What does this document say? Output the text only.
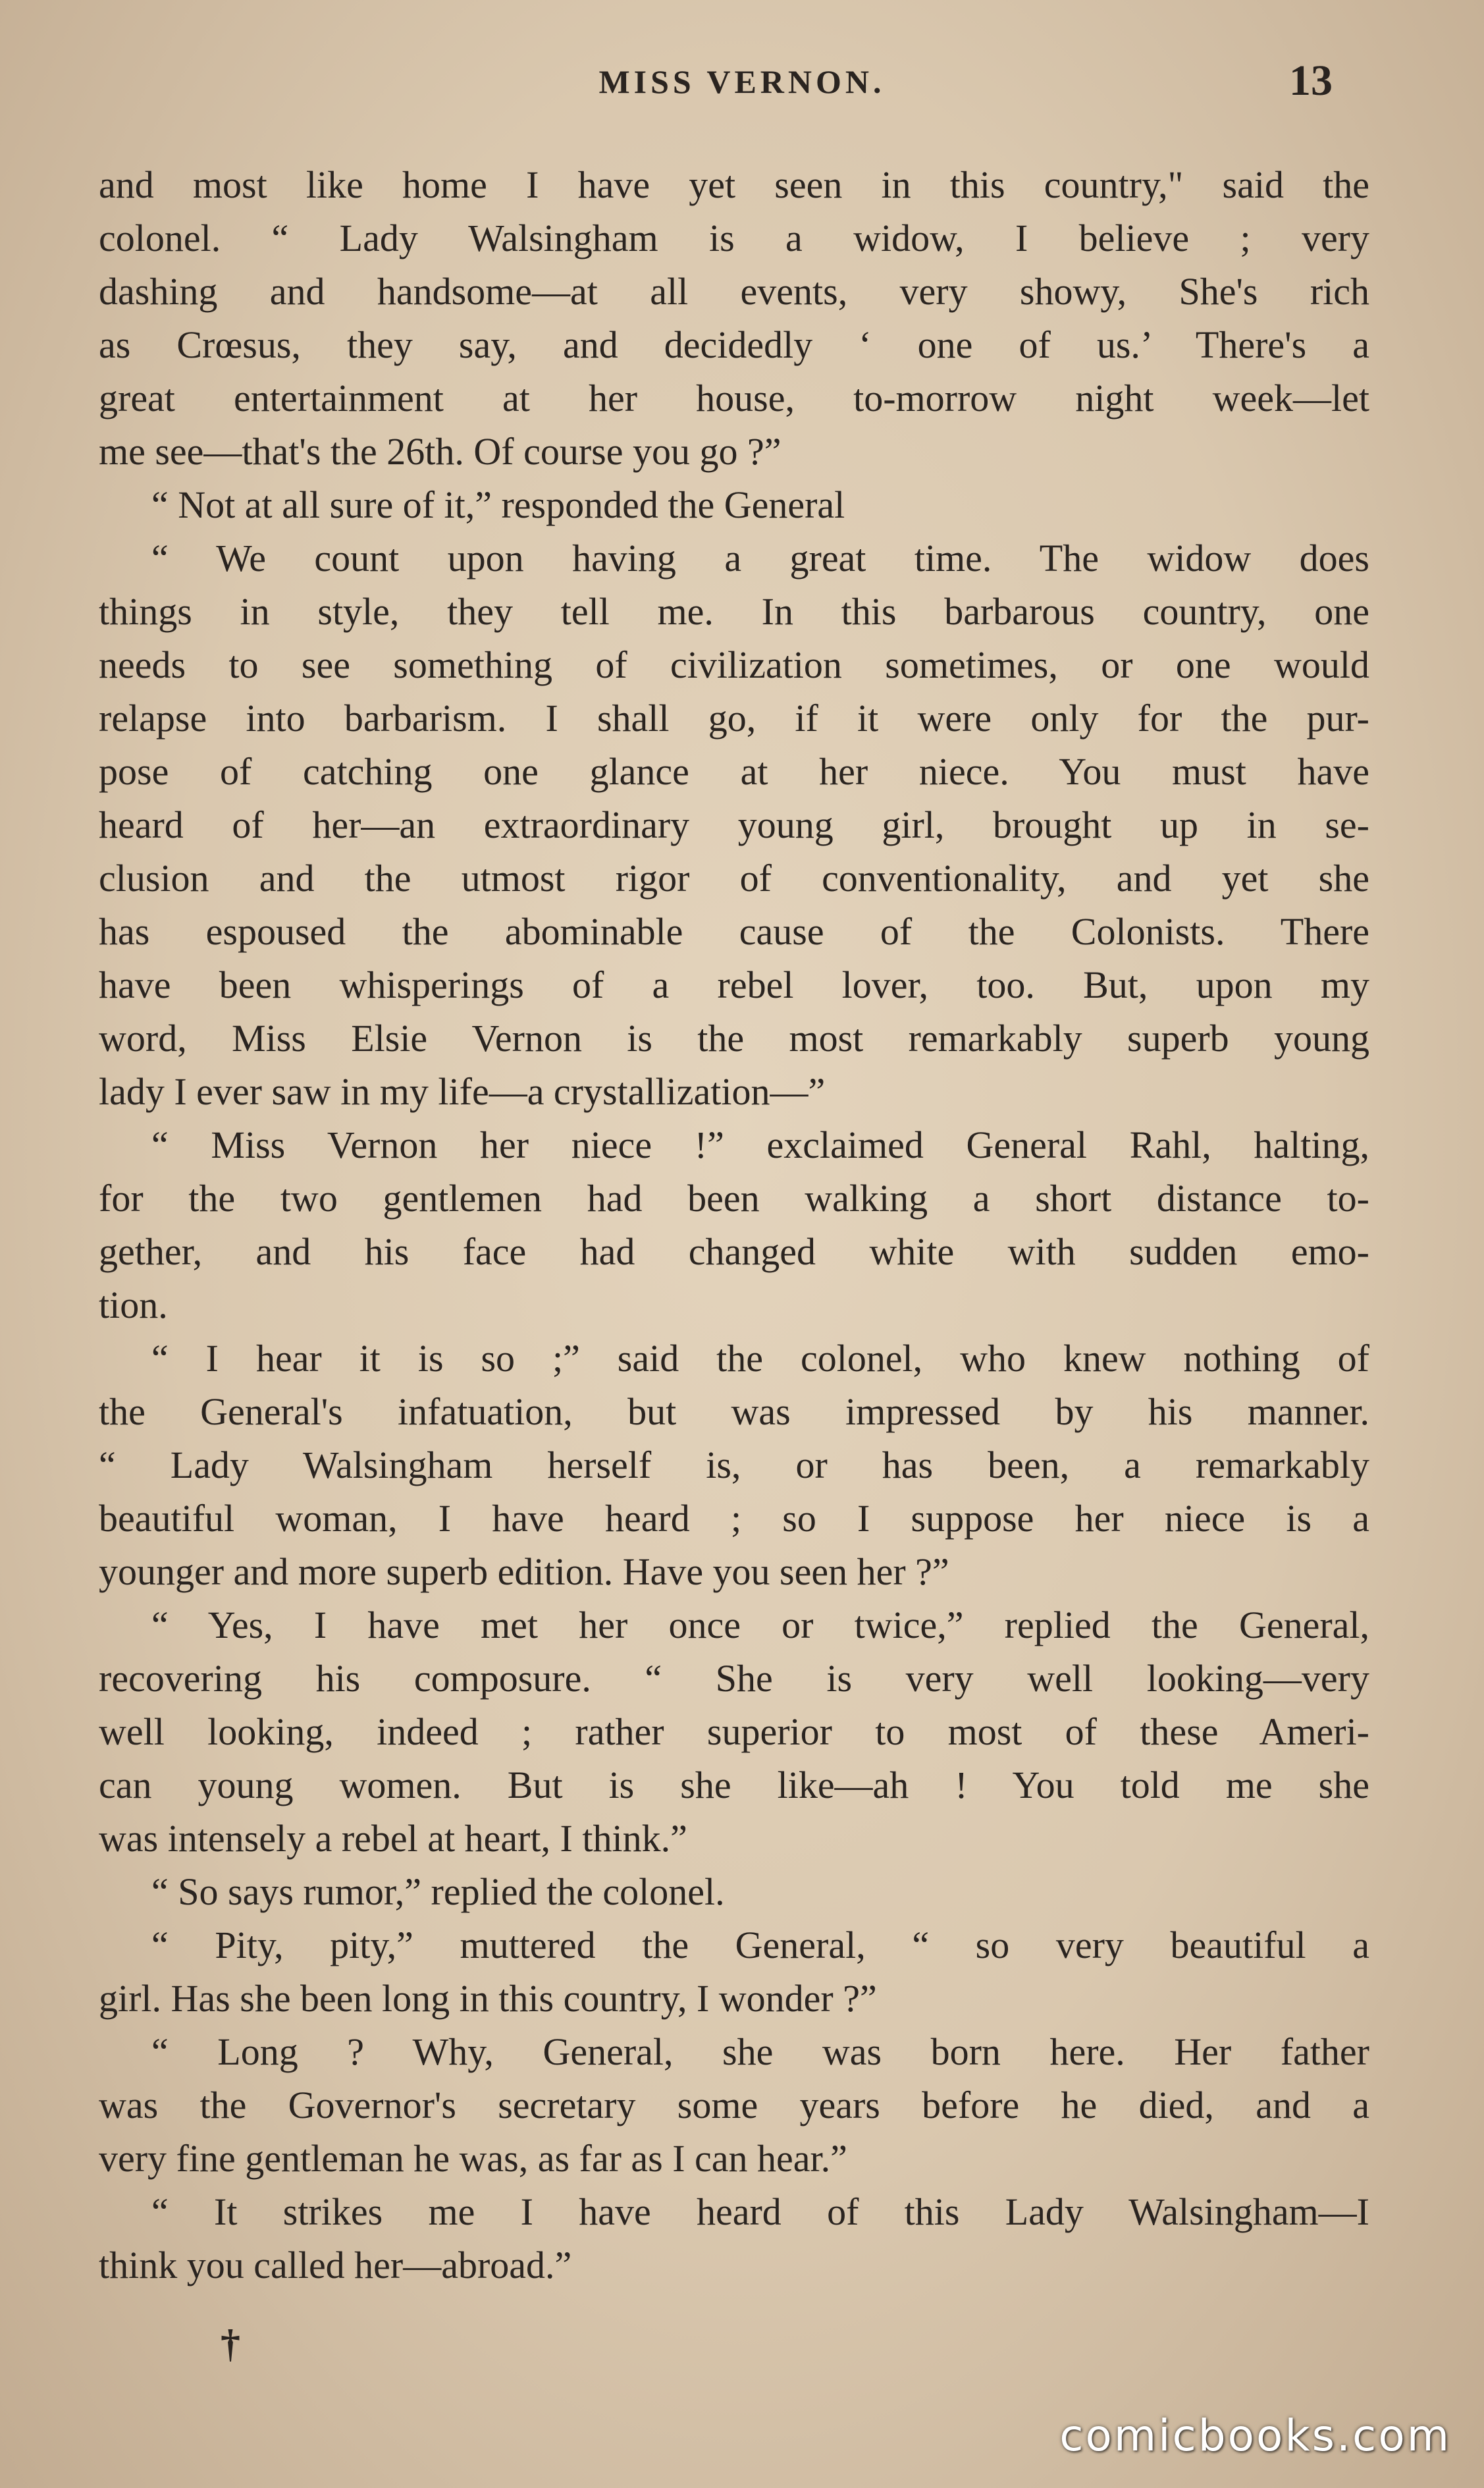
MISS VERNON.	13
and most like home I have yet seen in this country," said the
colonel. “ Lady Walsingham is a widow, I believe ; very
dashing and handsome—at all events, very showy, She's rich
as Crœsus, they say, and decidedly ‘ one of us.’ There's a
great entertainment at her house, to-morrow night week—let
me see—that's the 26th. Of course you go ?”
“ Not at all sure of it,” responded the General
“ We count upon having a great time. The widow does
things in style, they tell me. In this barbarous country, one
needs to see something of civilization sometimes, or one would
relapse into barbarism. I shall go, if it were only for the pur-
pose of catching one glance at her niece. You must have
heard of her—an extraordinary young girl, brought up in se-
clusion and the utmost rigor of conventionality, and yet she
has espoused the abominable cause of the Colonists. There
have been whisperings of a rebel lover, too. But, upon my
word, Miss Elsie Vernon is the most remarkably superb young
lady I ever saw in my life—a crystallization—”
“ Miss Vernon her niece !” exclaimed General Rahl, halting,
for the two gentlemen had been walking a short distance to-
gether, and his face had changed white with sudden emo-
tion.
“ I hear it is so ;” said the colonel, who knew nothing of
the General's infatuation, but was impressed by his manner.
“ Lady Walsingham herself is, or has been, a remarkably
beautiful woman, I have heard ; so I suppose her niece is a
younger and more superb edition. Have you seen her ?”
“ Yes, I have met her once or twice,” replied the General,
recovering his composure. “ She is very well looking—very
well looking, indeed ; rather superior to most of these Ameri-
can young women. But is she like—ah ! You told me she
was intensely a rebel at heart, I think.”
“ So says rumor,” replied the colonel.
“ Pity, pity,” muttered the General, “ so very beautiful a
girl. Has she been long in this country, I wonder ?”
“ Long ? Why, General, she was born here. Her father
was the Governor's secretary some years before he died, and a
very fine gentleman he was, as far as I can hear.”
“ It strikes me I have heard of this Lady Walsingham—I
think you called her—abroad.”
†
comicbooks.com
